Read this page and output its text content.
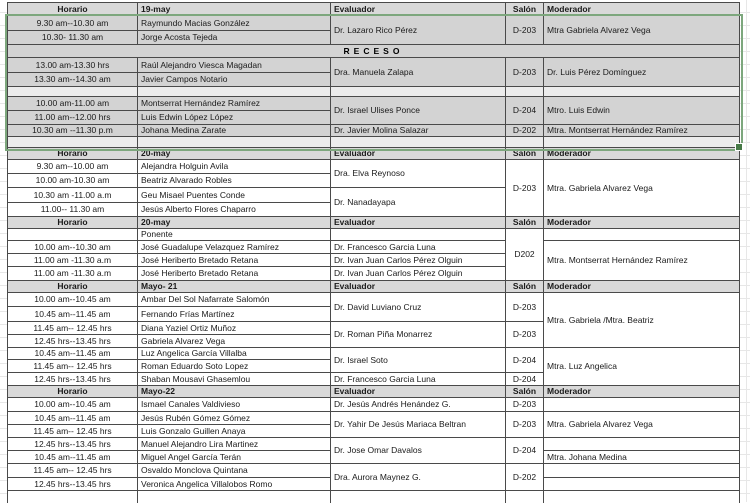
Horario	19-may	Evaluador	Salón	Moderador
9.30 am--10.30 am	Raymundo Macias González	Dr. Lazaro Rico Pérez	D-203	Mtra Gabriela Alvarez Vega
10.30- 11.30 am	Jorge Acosta Tejeda			
RECESO				
13.00 am-13.30 hrs	Raúl Alejandro Viesca Magadan	Dra. Manuela Zalapa	D-203	Dr. Luis Pérez Domínguez
13.30 am--14.30 am	Javier Campos Notario			

10.00 am-11.00 am	Montserrat Hernández Ramírez	Dr. Israel Ulises Ponce	D-204	Mtro. Luis Edwin
11.00 am--12.00 hrs	Luis Edwin López López			
10.30 am --11.30 p.m	Johana Medina Zarate	Dr. Javier Molina Salazar	D-202	Mtra. Montserrat Hernández Ramírez

Horario	20-may	Evaluador	Salón	Moderador
9.30 am--10.00 am	Alejandra Holguin Avila	Dra. Elva Reynoso	D-203	Mtra. Gabriela Alvarez Vega
10.00 am-10.30 am	Beatriz Alvarado Robles			
10.30 am -11.00 a.m	Geu Misael Puentes Conde	Dr. Nanadayapa		
11.00-- 11.30 am	Jesús Alberto Flores Chaparro			
Horario	20-may	Evaluador	Salón	Moderador
	Ponente		D202	
10.00 am--10.30 am	José Guadalupe Velazquez Ramírez	Dr. Francesco Garcia Luna		Mtra. Montserrat Hernández Ramírez
11.00 am -11.30 a.m	José Heriberto Bretado Retana	Dr. Ivan Juan Carlos Pérez Olguin		
11.00 am -11.30 a.m	José Heriberto Bretado Retana	Dr. Ivan Juan Carlos Pérez Olguin		
Horario	Mayo- 21	Evaluador	Salón	Moderador
10.00 am--10.45 am	Ambar Del Sol Nafarrate Salomón	Dr. David Luviano Cruz	D-203	Mtra. Gabriela /Mtra. Beatriz
10.45 am--11.45 am	Fernando Frías Martínez			
11.45 am-- 12.45 hrs	Diana Yaziel Ortiz Muñoz	Dr. Roman Piña Monarrez	D-203	
12.45 hrs--13.45 hrs	Gabriela Alvarez Vega			
10.45 am--11.45 am	Luz Angelica García Villalba	Dr. Israel Soto	D-204	Mtra. Luz Angelica
11.45 am-- 12.45 hrs	Roman Eduardo Soto Lopez			
12.45 hrs--13.45 hrs	Shaban Mousavi Ghasemlou	Dr. Francesco Garcia Luna	D-204	
Horario	Mayo-22	Evaluador	Salón	Moderador
10.00 am--10.45 am	Ismael Canales Valdivieso	Dr. Jesús Andrés Henández G.	D-203	
10.45 am--11.45 am	Jesús Rubén Gómez Gómez	Dr. Yahir De Jesús Mariaca Beltran	D-203	Mtra. Gabriela Alvarez Vega
11.45 am-- 12.45 hrs	Luis Gonzalo Guillen Anaya			
12.45 hrs--13.45 hrs	Manuel Alejandro Lira Martinez	Dr. Jose Omar Davalos	D-204	
10.45 am--11.45 am	Miguel Angel García Terán			Mtra. Johana Medina
11.45 am-- 12.45 hrs	Osvaldo Monclova Quintana	Dra. Aurora Maynez G.	D-202	
12.45 hrs--13.45 hrs	Veronica Angelica Villalobos Romo			
